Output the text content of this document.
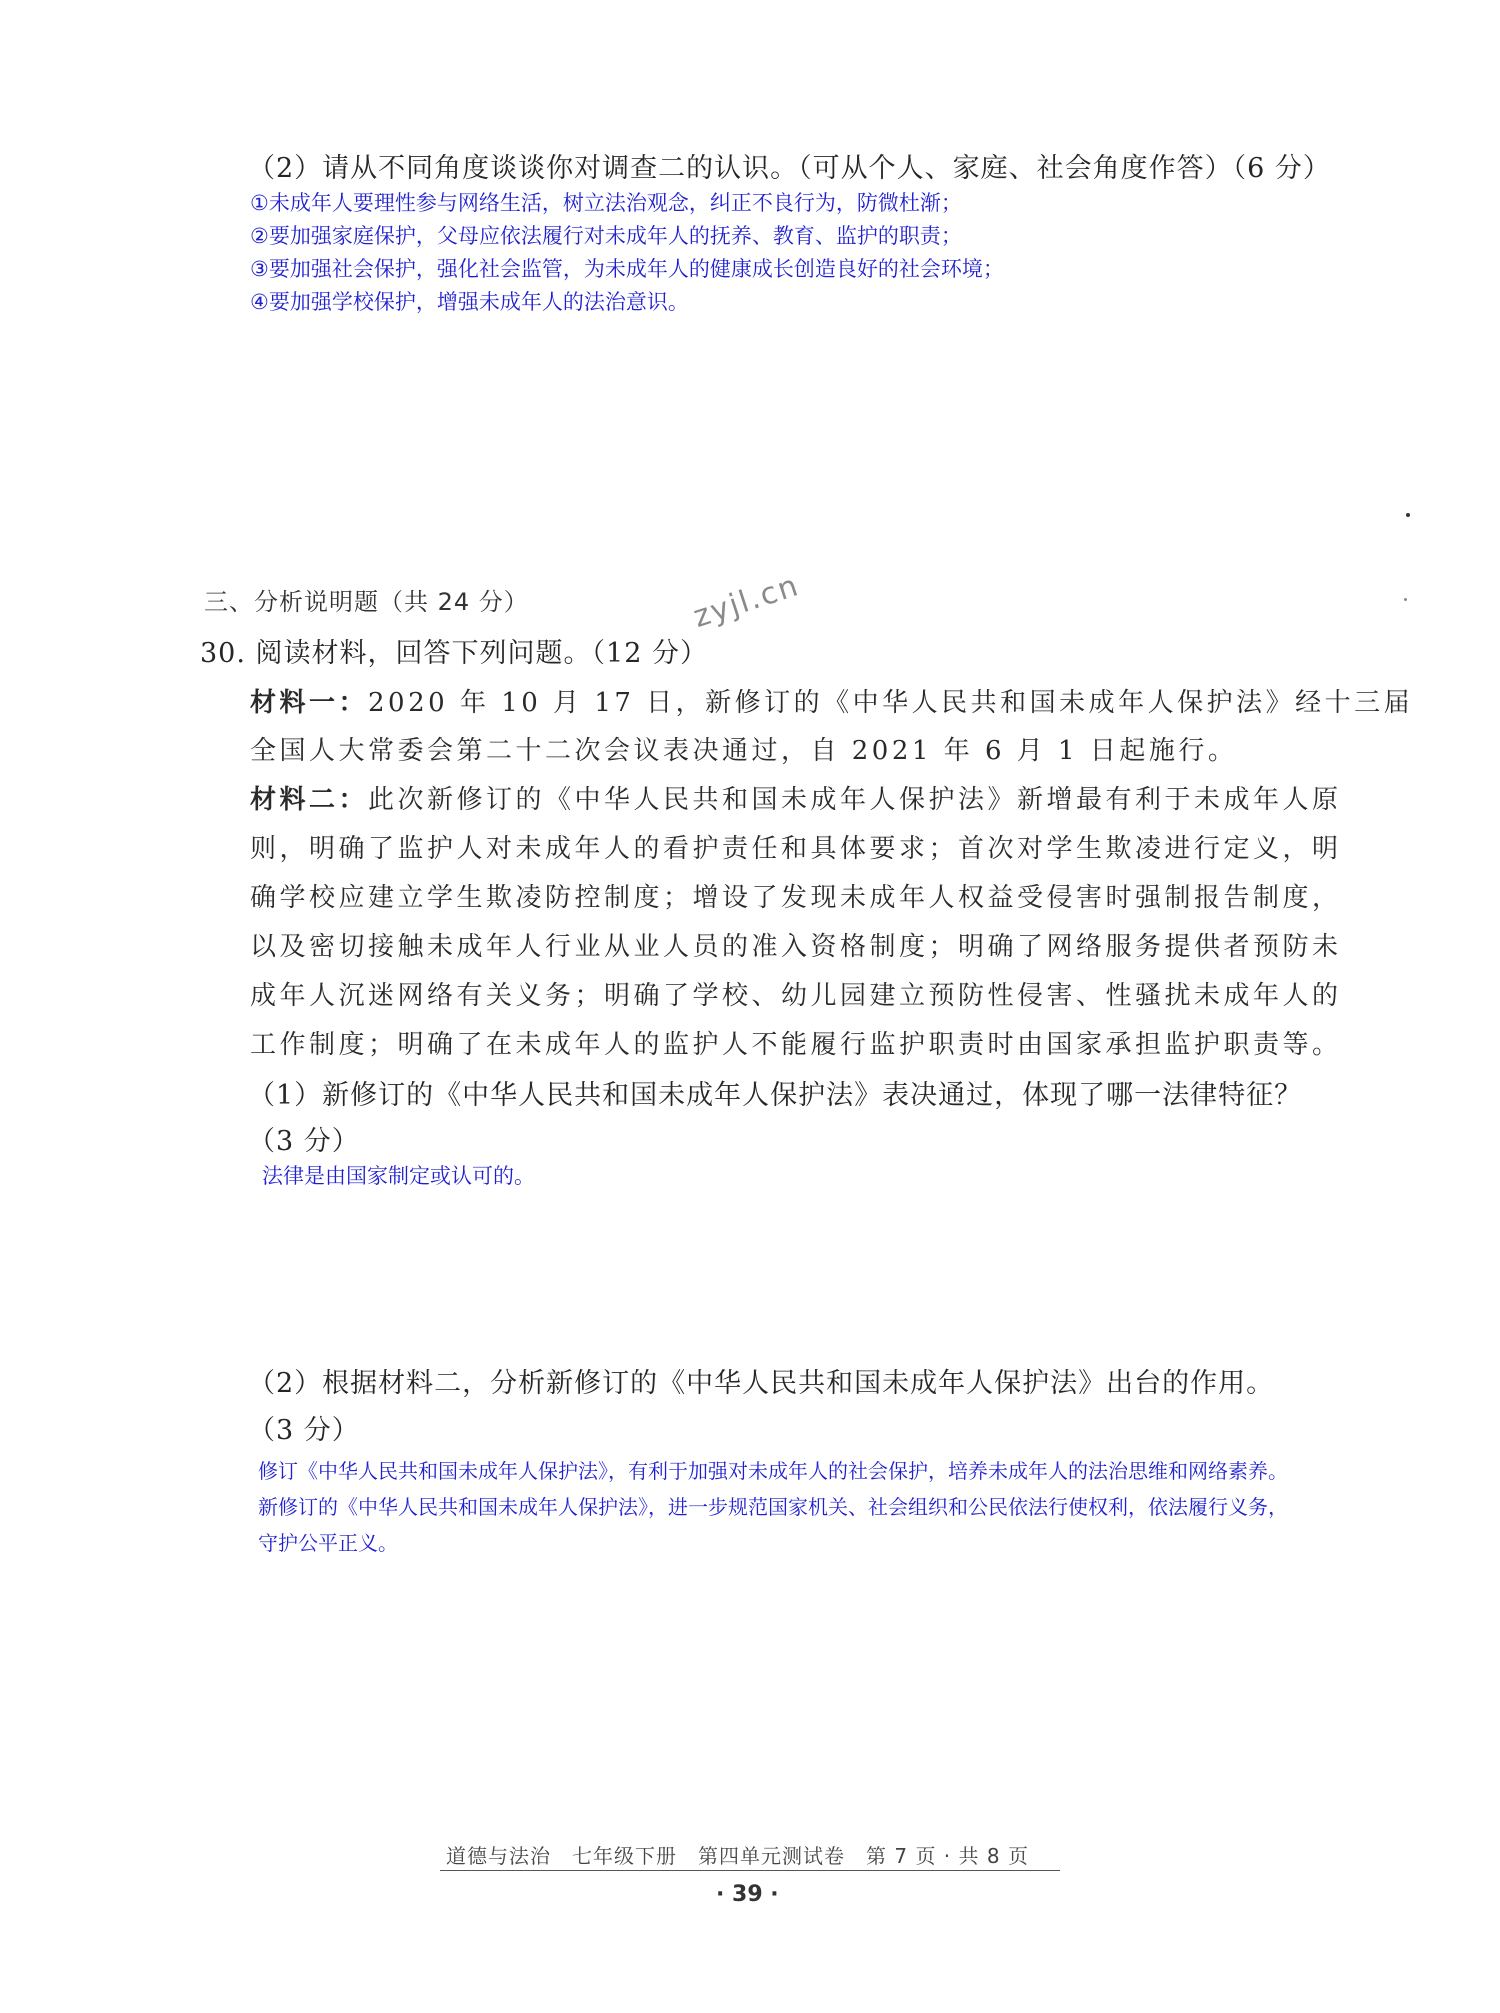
（2）请从不同角度谈谈你对调查二的认识。（可从个人、家庭、社会角度作答）（6 分）
①未成年人要理性参与网络生活，树立法治观念，纠正不良行为，防微杜渐；
②要加强家庭保护，父母应依法履行对未成年人的抚养、教育、监护的职责；
③要加强社会保护，强化社会监管，为未成年人的健康成长创造良好的社会环境；
④要加强学校保护，增强未成年人的法治意识。
三、分析说明题（共 24 分）	zyjl.cn
30. 阅读材料，回答下列问题。（12 分）
材料一：2020 年 10 月 17 日，新修订的《中华人民共和国未成年人保护法》经十三届
全国人大常委会第二十二次会议表决通过，自 2021 年 6 月 1 日起施行。
材料二：此次新修订的《中华人民共和国未成年人保护法》新增最有利于未成年人原
则，明确了监护人对未成年人的看护责任和具体要求；首次对学生欺凌进行定义，明
确学校应建立学生欺凌防控制度；增设了发现未成年人权益受侵害时强制报告制度，
以及密切接触未成年人行业从业人员的准入资格制度；明确了网络服务提供者预防未
成年人沉迷网络有关义务；明确了学校、幼儿园建立预防性侵害、性骚扰未成年人的
工作制度；明确了在未成年人的监护人不能履行监护职责时由国家承担监护职责等。
（1）新修订的《中华人民共和国未成年人保护法》表决通过，体现了哪一法律特征？
（3 分）
法律是由国家制定或认可的。
（2）根据材料二，分析新修订的《中华人民共和国未成年人保护法》出台的作用。
（3 分）
修订《中华人民共和国未成年人保护法》，有利于加强对未成年人的社会保护，培养未成年人的法治思维和网络素养。
新修订的《中华人民共和国未成年人保护法》，进一步规范国家机关、社会组织和公民依法行使权利，依法履行义务，
守护公平正义。
道德与法治　七年级下册　第四单元测试卷　第 7 页 · 共 8 页
· 39 ·
